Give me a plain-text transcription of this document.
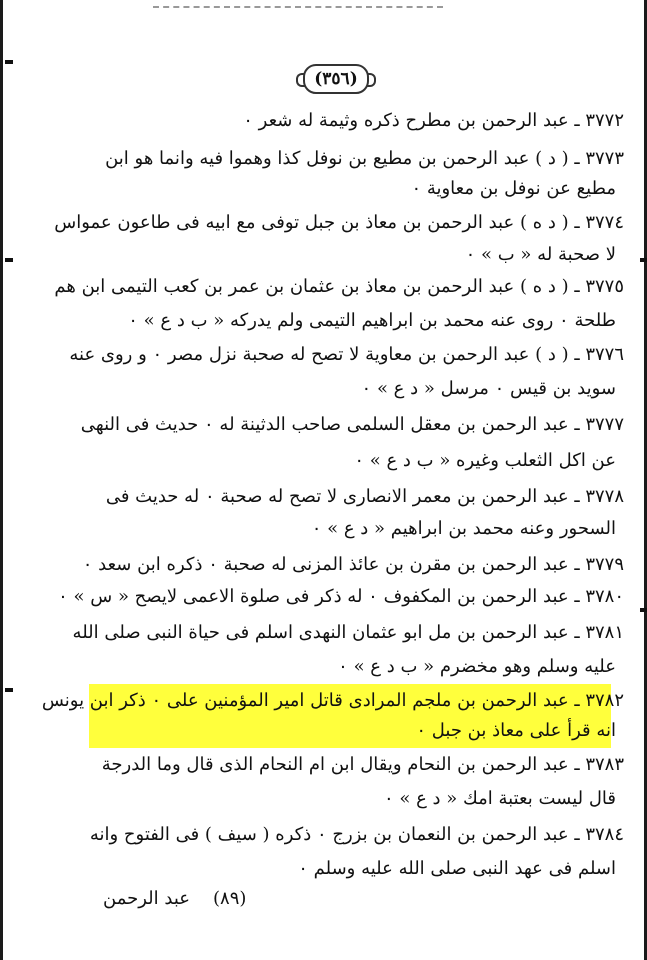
(٣٥٦)
٣٧٧٢ ـ عبد الرحمن بن مطرح ذكره وثيمة له شعر ٠
٣٧٧٣ ـ ( د ) عبد الرحمن بن مطيع بن نوفل كذا وهموا فيه وانما هو ابن
مطيع عن نوفل بن معاوية ٠
٣٧٧٤ ـ ( د ه ) عبد الرحمن بن معاذ بن جبل توفى مع ابيه فى طاعون عمواس
لا صحبة له « ب » ٠
٣٧٧٥ ـ ( د ه ) عبد الرحمن بن معاذ بن عثمان بن عمر بن كعب التيمى ابن هم
طلحة ٠ روى عنه محمد بن ابراهيم التيمى ولم يدركه « ب د ع » ٠
٣٧٧٦ ـ ( د ) عبد الرحمن بن معاوية لا تصح له صحبة نزل مصر ٠ و روى عنه
سويد بن قيس ٠ مرسل « د ع » ٠
٣٧٧٧ ـ عبد الرحمن بن معقل السلمى صاحب الدثينة له ٠ حديث فى النهى
عن اكل الثعلب وغيره « ب د ع » ٠
٣٧٧٨ ـ عبد الرحمن بن معمر الانصارى لا تصح له صحبة ٠ له حديث فى
السحور وعنه محمد بن ابراهيم « د ع » ٠
٣٧٧٩ ـ عبد الرحمن بن مقرن بن عائذ المزنى له صحبة ٠ ذكره ابن سعد ٠
٣٧٨٠ ـ عبد الرحمن بن المكفوف ٠ له ذكر فى صلوة الاعمى لايصح « س » ٠
٣٧٨١ ـ عبد الرحمن بن مل ابو عثمان النهدى اسلم فى حياة النبى صلى الله
عليه وسلم وهو مخضرم « ب د ع » ٠
٣٧٨٢ ـ عبد الرحمن بن ملجم المرادى قاتل امير المؤمنين على ٠ ذكر ابن يونس
انه قرأ على معاذ بن جبل ٠
٣٧٨٣ ـ عبد الرحمن بن النحام ويقال ابن ام النحام الذى قال وما الدرجة
قال ليست بعتبة امك « د ع » ٠
٣٧٨٤ ـ عبد الرحمن بن النعمان بن بزرج ٠ ذكره ( سيف ) فى الفتوح وانه
اسلم فى عهد النبى صلى الله عليه وسلم ٠
(٨٩)
عبد الرحمن
